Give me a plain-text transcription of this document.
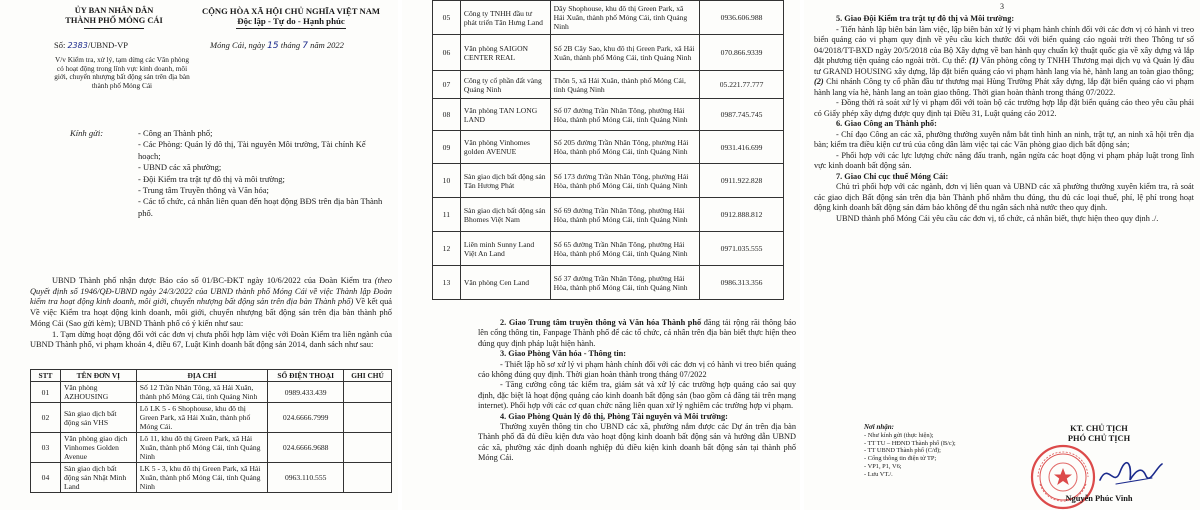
ỦY BAN NHÂN DÂN
THÀNH PHỐ MÓNG CÁI
CỘNG HÒA XÃ HỘI CHỦ NGHĨA VIỆT NAM
Độc lập - Tự do - Hạnh phúc
Số: 2383/UBND-VP	Móng Cái, ngày 15 tháng 7 năm 2022
V/v Kiểm tra, xử lý, tạm dừng các Văn phòng có hoạt động trong lĩnh vực kinh doanh, môi giới, chuyển nhượng bất động sản trên địa bàn thành phố Móng Cái
Kính gửi:	- Công an Thành phố;
- Các Phòng: Quản lý đô thị, Tài nguyên Môi trường, Tài chính Kế hoạch;
- UBND các xã phường;
- Đội Kiểm tra trật tự đô thị và môi trường;
- Trung tâm Truyền thông và Văn hóa;
- Các tổ chức, cá nhân liên quan đến hoạt động BĐS trên địa bàn Thành phố.

UBND Thành phố nhận được Báo cáo số 01/BC-ĐKT ngày 10/6/2022 của Đoàn Kiểm tra (theo Quyết định số 1946/QĐ-UBND ngày 24/3/2022 của UBND thành phố Móng Cái về việc Thành lập Đoàn kiểm tra hoạt động kinh doanh, môi giới, chuyển nhượng bất động sản trên địa bàn Thành phố) Về kết quả Về việc Kiểm tra hoạt động kinh doanh, môi giới, chuyển nhượng bất động sản trên địa bàn thành phố Móng Cái (Sao gửi kèm); UBND Thành phố có ý kiến như sau:

1. Tạm dừng hoạt động đối với các đơn vị chưa phối hợp làm việc với Đoàn Kiểm tra liên ngành của UBND Thành phố, vi phạm khoản 4, điều 67, Luật Kinh doanh bất động sản 2014, danh sách như sau:

STT	TÊN ĐƠN VỊ	ĐỊA CHỈ	SỐ ĐIỆN THOẠI	GHI CHÚ
01	Văn phòng AZHOUSING	Số 12 Trần Nhân Tông, xã Hải Xuân, thành phố Móng Cái, tỉnh Quảng Ninh	0989.433.439	
02	Sàn giao dịch bất động sản VHS	Lô LK 5 - 6 Shophouse, khu đô thị Green Park, xã Hải Xuân, thành phố Móng Cái.	024.6666.7999	
03	Văn phòng giao dịch Vinhomes Golden Avenue	Lô 11, khu đô thị Green Park, xã Hải Xuân, thành phố Móng Cái, tỉnh Quảng Ninh	024.6666.9688	
04	Sàn giao dịch bất động sản Nhật Minh Land	LK 5 - 3, khu đô thị Green Park, xã Hải Xuân, thành phố Móng Cái, tỉnh Quảng Ninh	0963.110.555	
05	Công ty TNHH đầu tư phát triển Tân Hưng Land	Dãy Shophouse, khu đô thị Green Park, xã Hải Xuân, thành phố Móng Cái, tỉnh Quảng Ninh	0936.606.988
06	Văn phòng SAIGON CENTER REAL	Số 2B Cây Sao, khu đô thị Green Park, xã Hải Xuân, thành phố Móng Cái, tỉnh Quảng Ninh	070.866.9339
07	Công ty cổ phần đất vàng Quảng Ninh	Thôn 5, xã Hải Xuân, thành phố Móng Cái, tỉnh Quảng Ninh	05.221.77.777
08	Văn phòng TAN LONG LAND	Số 07 đường Trần Nhân Tông, phường Hải Hòa, thành phố Móng Cái, tỉnh Quảng Ninh	0987.745.745
09	Văn phòng Vinhomes golden AVENUE	Số 205 đường Trần Nhân Tông, phường Hải Hòa, thành phố Móng Cái, tỉnh Quảng Ninh	0931.416.699
10	Sàn giao dịch bất động sản Tân Hương Phát	Số 173 đường Trần Nhân Tông, phường Hải Hòa, thành phố Móng Cái, tỉnh Quảng Ninh	0911.922.828
11	Sàn giao dịch bất động sản Bhomes Việt Nam	Số 69 đường Trần Nhân Tông, phường Hải Hòa, thành phố Móng Cái, tỉnh Quảng Ninh	0912.888.812
12	Liên minh Sunny Land Việt An Land	Số 65 đường Trần Nhân Tông, phường Hải Hòa, thành phố Móng Cái, tỉnh Quảng Ninh	0971.035.555
13	Văn phòng Cen Land	Số 37 đường Trần Nhân Tông, phường Hải Hòa, thành phố Móng Cái, tỉnh Quảng Ninh	0986.313.356
2. Giao Trung tâm truyền thông và Văn hóa Thành phố đăng tải rộng rãi thông báo lên cổng thông tin, Fanpage Thành phố để các tổ chức, cá nhân trên địa bàn biết thực hiện theo đúng quy định pháp luật hiện hành.
3. Giao Phòng Văn hóa - Thông tin:
- Thiết lập hồ sơ xử lý vi phạm hành chính đối với các đơn vị có hành vi treo biển quảng cáo không đúng quy định. Thời gian hoàn thành trong tháng 07/2022
- Tăng cường công tác kiểm tra, giám sát và xử lý các trường hợp quảng cáo sai quy định, đặc biệt là hoạt động quảng cáo kinh doanh bất động sản (bao gồm cả đăng tải trên mạng internet). Phối hợp với các cơ quan chức năng liên quan xử lý nghiêm các trường hợp vi phạm.
4. Giao Phòng Quản lý đô thị, Phòng Tài nguyên và Môi trường:
Thường xuyên thông tin cho UBND các xã, phường nắm được các Dự án trên địa bàn Thành phố đã đủ điều kiện đưa vào hoạt động kinh doanh bất động sản và hướng dẫn UBND các xã, phường xác định doanh nghiệp đủ điều kiện kinh doanh bất động sản tại thành phố Móng Cái.
3
5. Giao Đội Kiểm tra trật tự đô thị và Môi trường:
- Tiến hành lập biên bản làm việc, lập biên bản xử lý vi phạm hành chính đối với các đơn vị có hành vi treo biển quảng cáo vi phạm quy định về yêu cầu kích thước đối với biển quảng cáo ngoài trời theo Thông tư số 04/2018/TT-BXD ngày 20/5/2018 của Bộ Xây dựng về ban hành quy chuẩn kỹ thuật quốc gia về xây dựng và lắp đặt phương tiện quảng cáo ngoài trời. Cụ thể: (1) Văn phòng công ty TNHH Thương mại dịch vụ và Quản lý đầu tư GRAND HOUSING xây dựng, lắp đặt biển quảng cáo vi phạm hành lang vỉa hè, hành lang an toàn giao thông; (2) Chi nhánh Công ty cổ phần đầu tư thương mại Hùng Trường Phát xây dựng, lắp đặt biển quảng cáo vi phạm hành lang vỉa hè, hành lang an toàn giao thông. Thời gian hoàn thành trong tháng 07/2022.
- Đồng thời rà soát xử lý vi phạm đối với toàn bộ các trường hợp lắp đặt biển quảng cáo theo yêu cầu phải có Giấy phép xây dựng được quy định tại Điều 31, Luật quảng cáo 2012.
6. Giao Công an Thành phố:
- Chỉ đạo Công an các xã, phường thường xuyên nắm bắt tình hình an ninh, trật tự, an ninh xã hội trên địa bàn; kiểm tra điều kiện cư trú của công dân làm việc tại các Văn phòng giao dịch bất động sản;
- Phối hợp với các lực lượng chức năng đấu tranh, ngăn ngừa các hoạt động vi phạm pháp luật trong lĩnh vực kinh doanh bất động sản.
7. Giao Chi cục thuế Móng Cái:
Chủ trì phối hợp với các ngành, đơn vị liên quan và UBND các xã phường thường xuyên kiểm tra, rà soát các giao dịch Bất động sản trên địa bàn Thành phố nhằm thu đúng, thu đủ các loại thuế, phí, lệ phí trong hoạt động kinh doanh bất động sản đảm bảo không để thu ngân sách nhà nước theo quy định.
UBND thành phố Móng Cái yêu cầu các đơn vị, tổ chức, cá nhân biết, thực hiện theo quy định ./.
Nơi nhận:
- Như kính gửi (thực hiện);
- TT TU – HĐND Thành phố (B/c);
- TT UBND Thành phố (C/đ);
- Cổng thông tin điện tử TP;
- VP1, P1, V6;
- Lưu VT./.
KT. CHỦ TỊCH
PHÓ CHỦ TỊCH
Nguyễn Phúc Vinh
